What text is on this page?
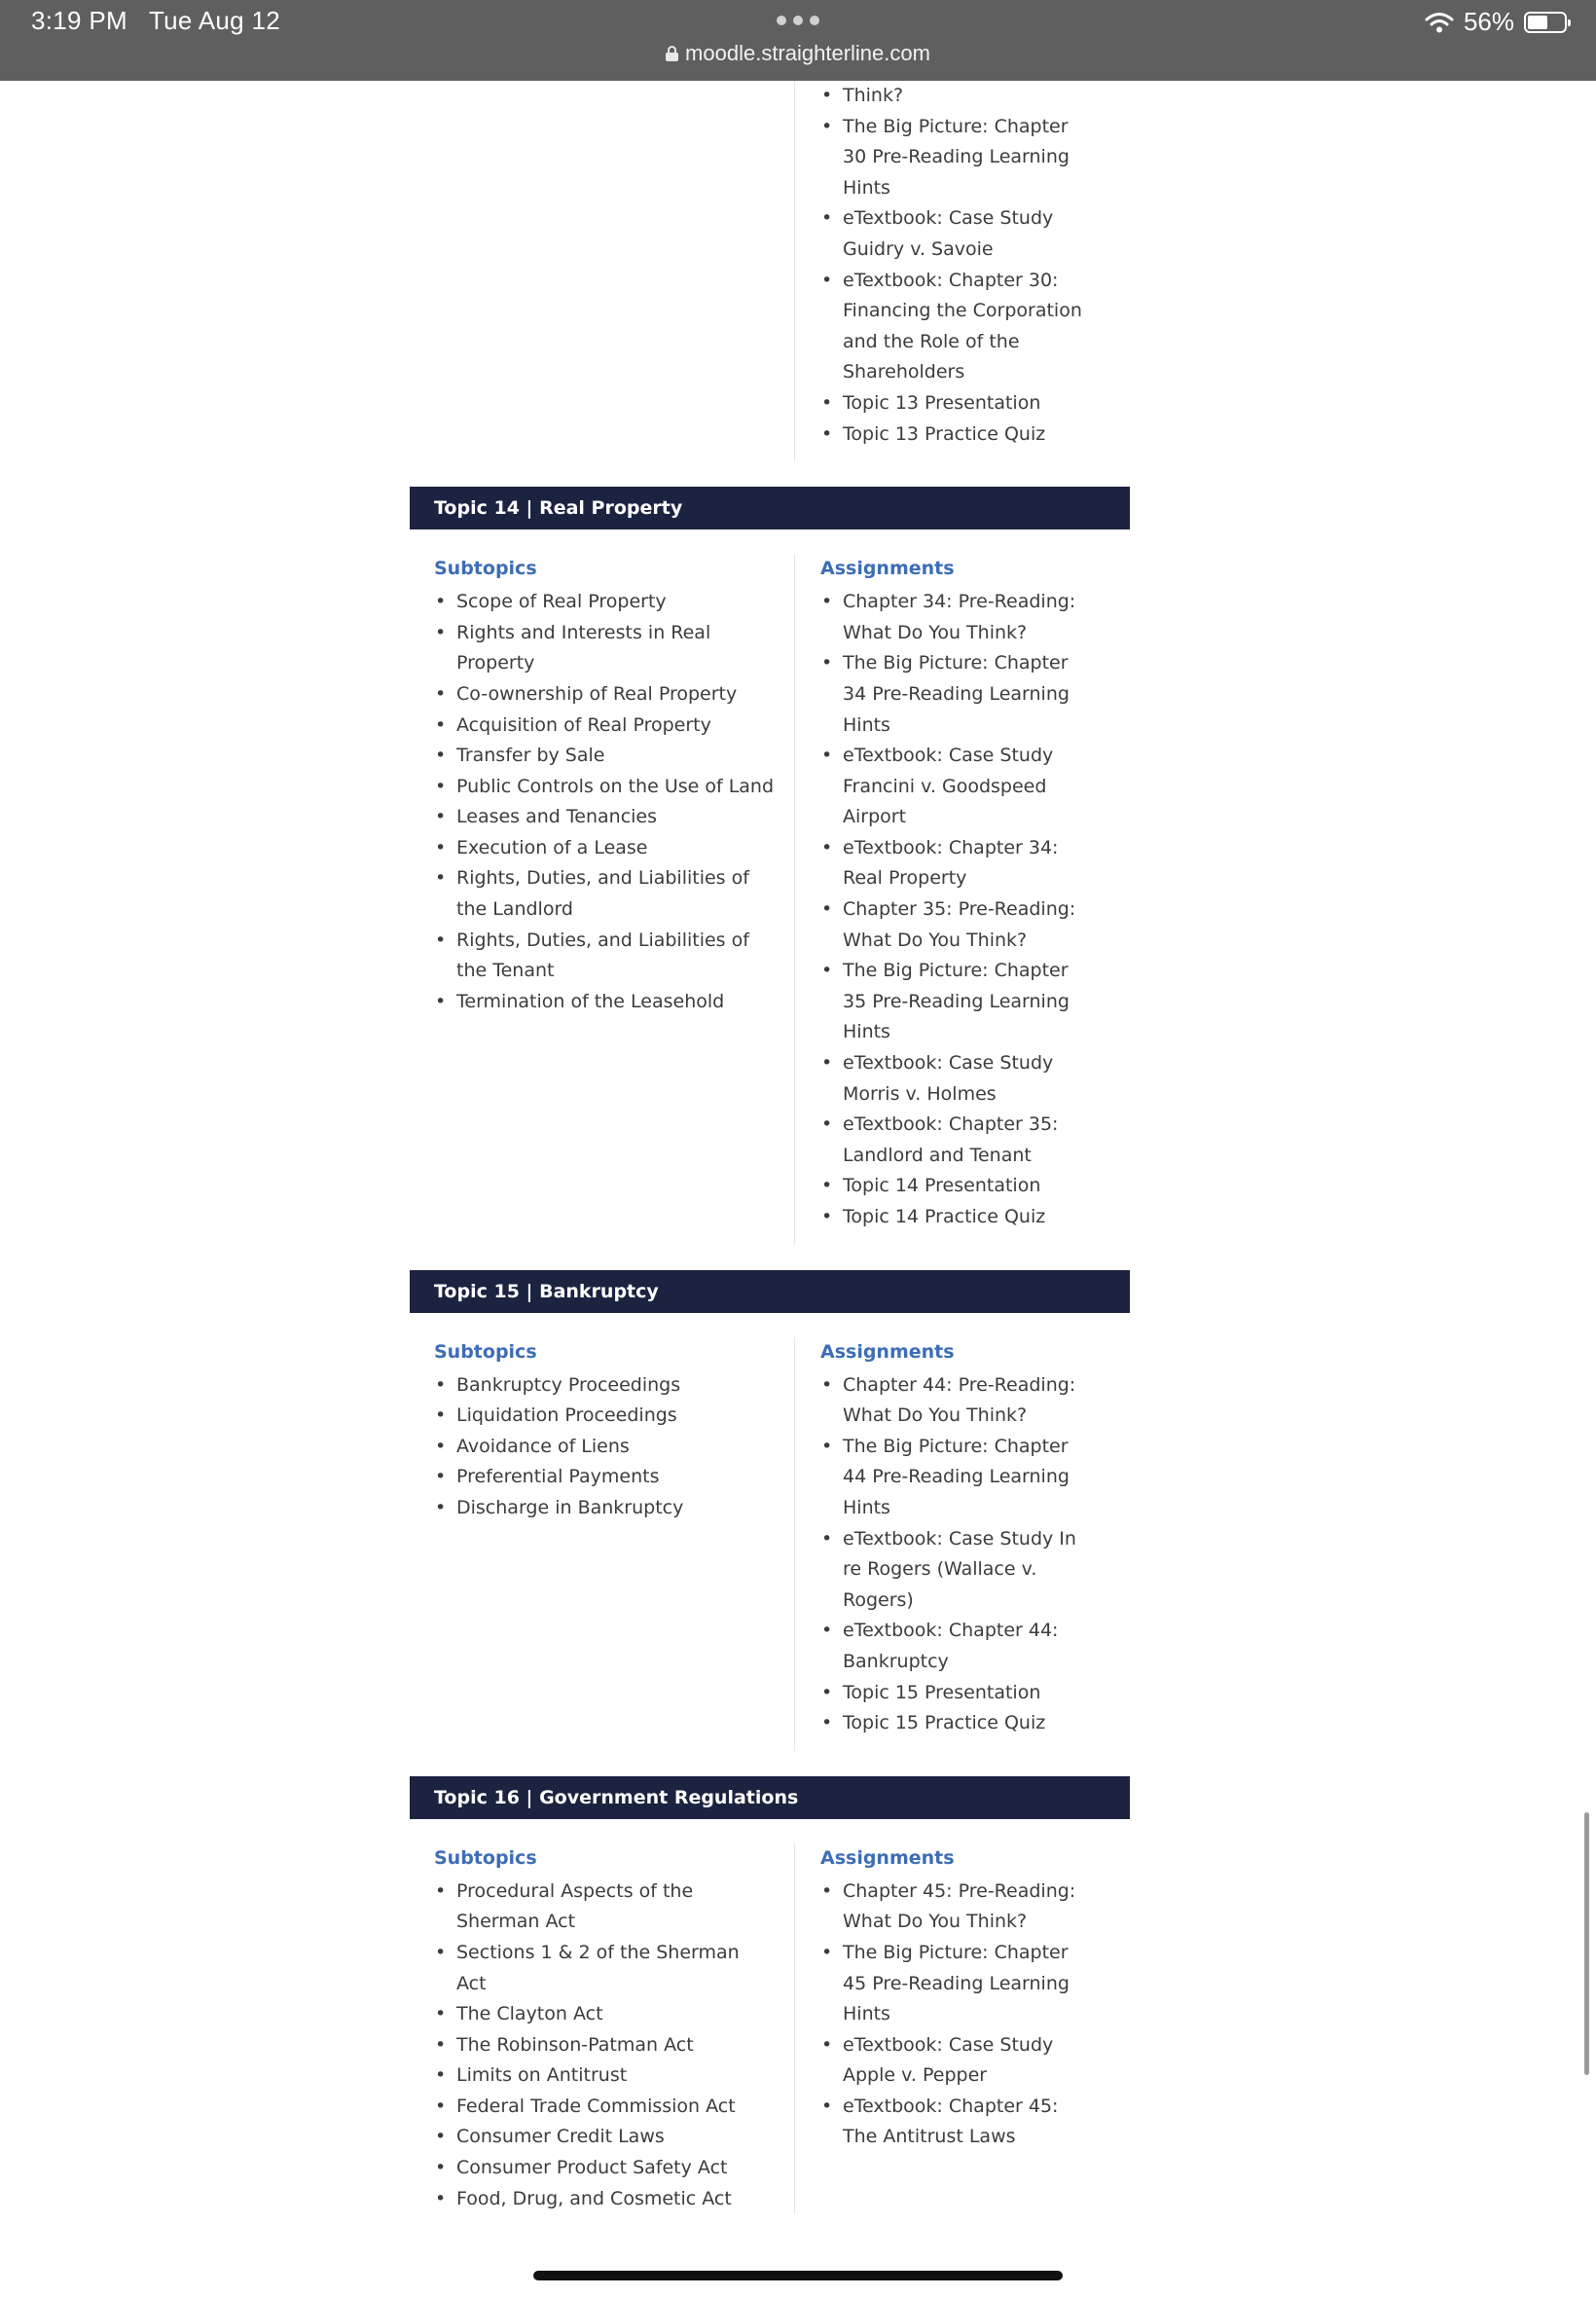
3:19 PM Tue Aug 12
moodle.straighterline.com
56%
• Think?
• The Big Picture: Chapter 30 Pre-Reading Learning Hints
• eTextbook: Case Study Guidry v. Savoie
• eTextbook: Chapter 30: Financing the Corporation and the Role of the Shareholders
• Topic 13 Presentation
• Topic 13 Practice Quiz
Topic 14 | Real Property
Subtopics
• Scope of Real Property
• Rights and Interests in Real Property
• Co-ownership of Real Property
• Acquisition of Real Property
• Transfer by Sale
• Public Controls on the Use of Land
• Leases and Tenancies
• Execution of a Lease
• Rights, Duties, and Liabilities of the Landlord
• Rights, Duties, and Liabilities of the Tenant
• Termination of the Leasehold
Assignments
• Chapter 34: Pre-Reading: What Do You Think?
• The Big Picture: Chapter 34 Pre-Reading Learning Hints
• eTextbook: Case Study Francini v. Goodspeed Airport
• eTextbook: Chapter 34: Real Property
• Chapter 35: Pre-Reading: What Do You Think?
• The Big Picture: Chapter 35 Pre-Reading Learning Hints
• eTextbook: Case Study Morris v. Holmes
• eTextbook: Chapter 35: Landlord and Tenant
• Topic 14 Presentation
• Topic 14 Practice Quiz
Topic 15 | Bankruptcy
Subtopics
• Bankruptcy Proceedings
• Liquidation Proceedings
• Avoidance of Liens
• Preferential Payments
• Discharge in Bankruptcy
Assignments
• Chapter 44: Pre-Reading: What Do You Think?
• The Big Picture: Chapter 44 Pre-Reading Learning Hints
• eTextbook: Case Study In re Rogers (Wallace v. Rogers)
• eTextbook: Chapter 44: Bankruptcy
• Topic 15 Presentation
• Topic 15 Practice Quiz
Topic 16 | Government Regulations
Subtopics
• Procedural Aspects of the Sherman Act
• Sections 1 & 2 of the Sherman Act
• The Clayton Act
• The Robinson-Patman Act
• Limits on Antitrust
• Federal Trade Commission Act
• Consumer Credit Laws
• Consumer Product Safety Act
• Food, Drug, and Cosmetic Act
Assignments
• Chapter 45: Pre-Reading: What Do You Think?
• The Big Picture: Chapter 45 Pre-Reading Learning Hints
• eTextbook: Case Study Apple v. Pepper
• eTextbook: Chapter 45: The Antitrust Laws
